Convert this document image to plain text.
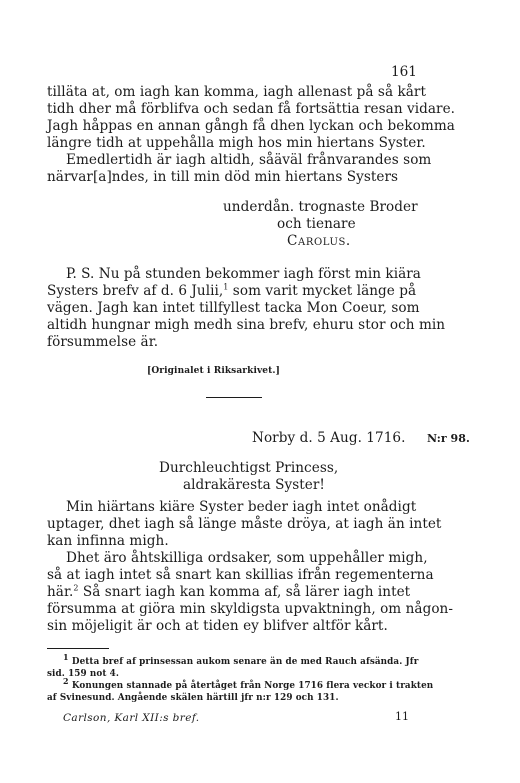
161
tilläta at, om iagh kan komma, iagh allenast på så kårt
tidh dher må förblifva och sedan få fortsättia resan vidare.
Jagh håppas en annan gångh få dhen lyckan och bekomma
längre tidh at uppehålla migh hos min hiertans Syster.
Emedlertidh är iagh altidh, såäväl frånvarandes som
närvar[a]ndes, in till min död min hiertans Systers
underdån. trognaste Broder
och tienare
Carolus.
P. S. Nu på stunden bekommer iagh först min kiära
Systers brefv af d. 6 Julii,$^1$ som varit mycket länge på
vägen. Jagh kan intet tillfyllest tacka Mon Coeur, som
altidh hungnar migh medh sina brefv, ehuru stor och min
försummelse är.
[Originalet i Riksarkivet.]
Norby d. 5 Aug. 1716. N:r 98.
Durchleuchtigst Princess,
aldrakäresta Syster!
Min hiärtans kiäre Syster beder iagh intet onådigt
uptager, dhet iagh så länge måste dröya, at iagh än intet
kan infinna migh.
Dhet äro åhtskilliga ordsaker, som uppehåller migh,
så at iagh intet så snart kan skillias ifrån regementerna
här.$^2$ Så snart iagh kan komma af, så lärer iagh intet
försumma at giöra min skyldigsta upvaktningh, om någon-
sin möjeligit är och at tiden ey blifver altför kårt.
$^1$ Detta bref af prinsessan aukom senare än de med Rauch afsända. Jfr
sid. 159 not 4.
$^2$ Konungen stannade på återtåget från Norge 1716 flera veckor i trakten
af Svinesund. Angående skälen härtill jfr n:r 129 och 131.
Carlson, Karl XII:s bref.	11
